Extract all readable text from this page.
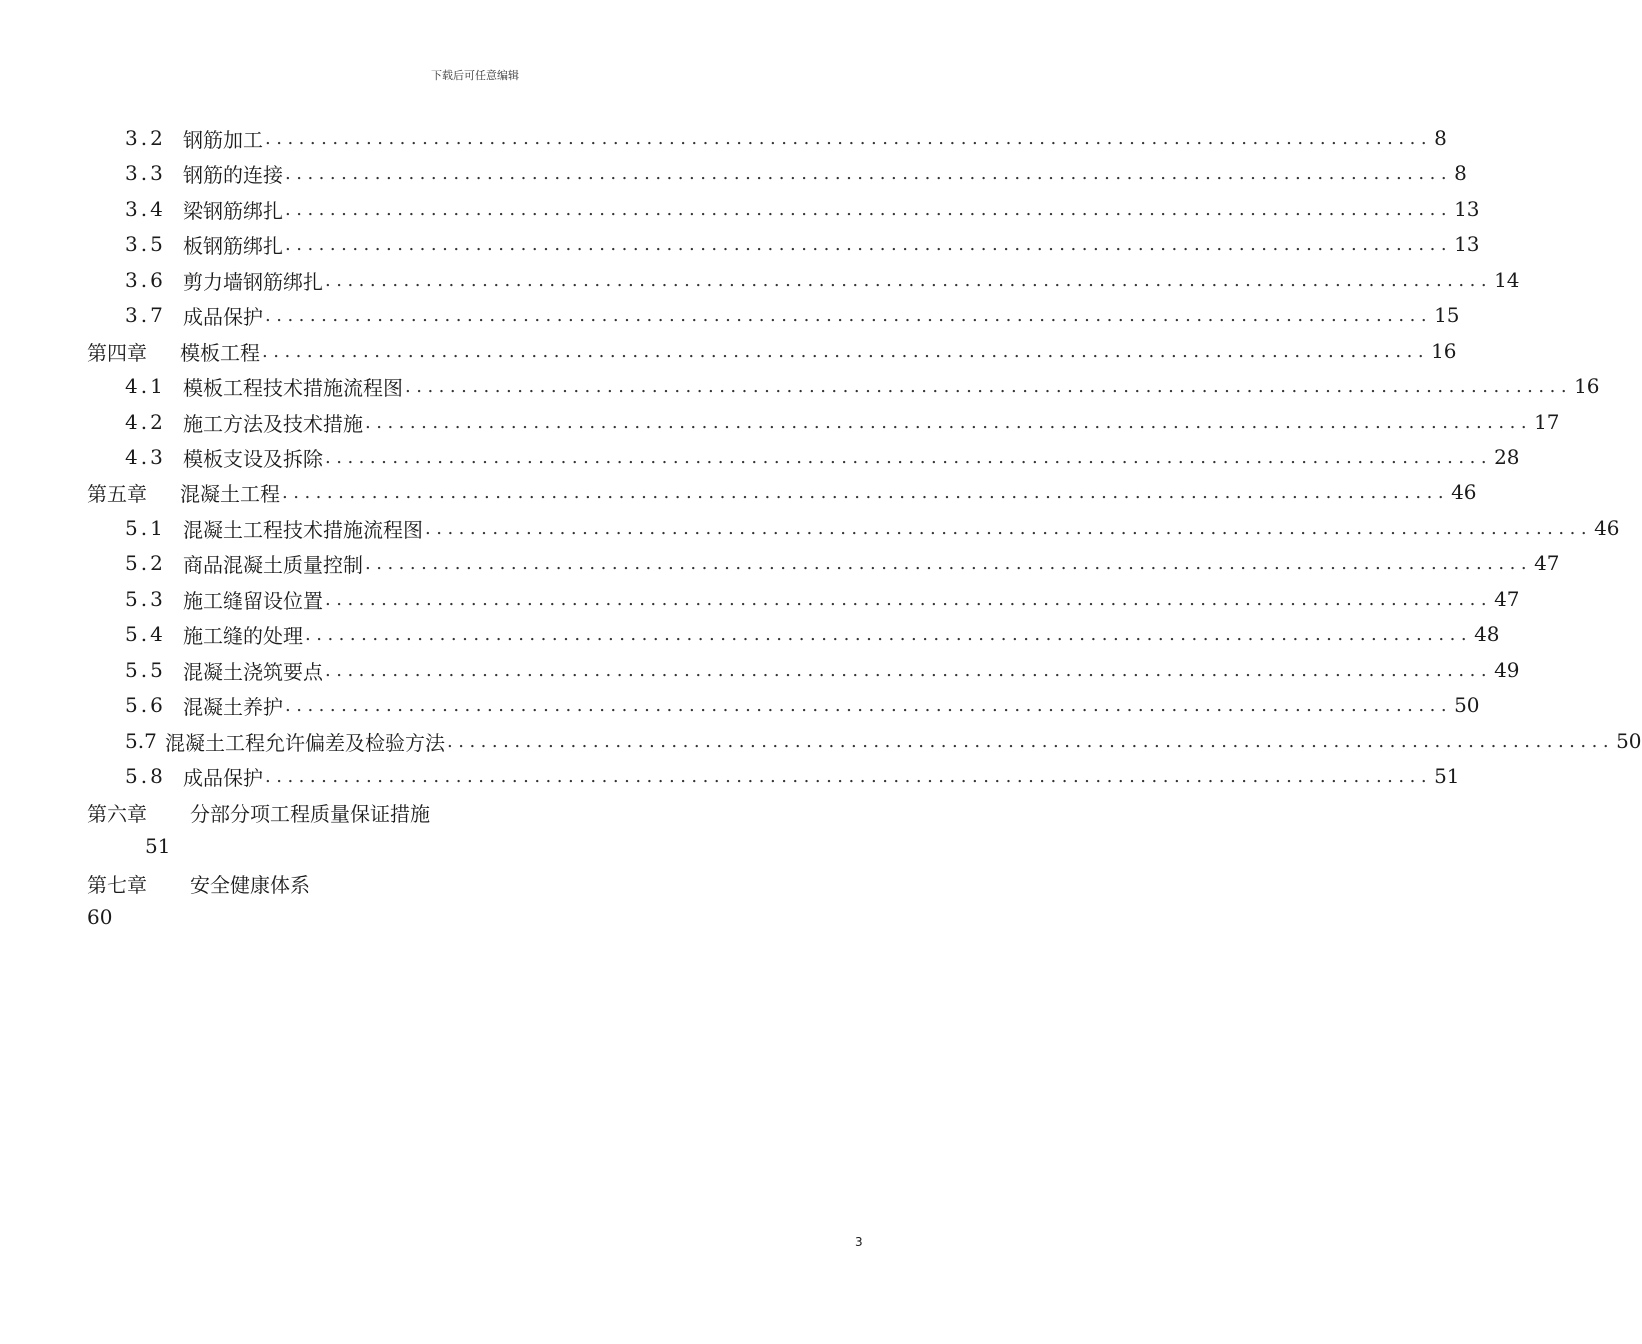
下载后可任意编辑
3.2 钢筋加工 ........................................................................................................ 8
3.3 钢筋的连接 ........................................................................................................ 8
3.4 梁钢筋绑扎 ........................................................................................................ 13
3.5 板钢筋绑扎 ........................................................................................................ 13
3.6 剪力墙钢筋绑扎 ........................................................................................................ 14
3.7 成品保护 ........................................................................................................ 15
第四章	模板工程 ........................................................................................................ 16
4.1 模板工程技术措施流程图 ........................................................................................................ 16
4.2 施工方法及技术措施 ........................................................................................................ 17
4.3 模板支设及拆除 ........................................................................................................ 28
第五章	混凝土工程 ........................................................................................................ 46
5.1 混凝土工程技术措施流程图 ........................................................................................................ 46
5.2 商品混凝土质量控制 ........................................................................................................ 47
5.3 施工缝留设位置 ........................................................................................................ 47
5.4 施工缝的处理 ........................................................................................................ 48
5.5 混凝土浇筑要点 ........................................................................................................ 49
5.6 混凝土养护 ........................................................................................................ 50
5.7 混凝土工程允许偏差及检验方法 ........................................................................................................ 50
5.8 成品保护 ........................................................................................................ 51
第六章 分部分项工程质量保证措施
51
第七章 安全健康体系
60
3
